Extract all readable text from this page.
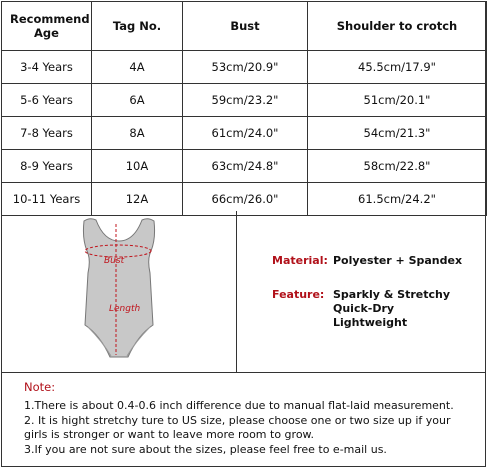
Recommend Age	Tag No.	Bust	Shoulder to crotch
3-4 Years	4A	53cm/20.9"	45.5cm/17.9"
5-6 Years	6A	59cm/23.2"	51cm/20.1"
7-8 Years	8A	61cm/24.0"	54cm/21.3"
8-9 Years	10A	63cm/24.8"	58cm/22.8"
10-11 Years	12A	66cm/26.0"	61.5cm/24.2"
Bust
Length
Material: Polyester + Spandex
Feature: Sparkly & Stretchy
Quick-Dry
Lightweight
Note:
1.There is about 0.4-0.6 inch difference due to manual flat-laid measurement.
2. It is hight stretchy ture to US size, please choose one or two size up if your girls is stronger or want to leave more room to grow.
3.If you are not sure about the sizes, please feel free to e-mail us.
